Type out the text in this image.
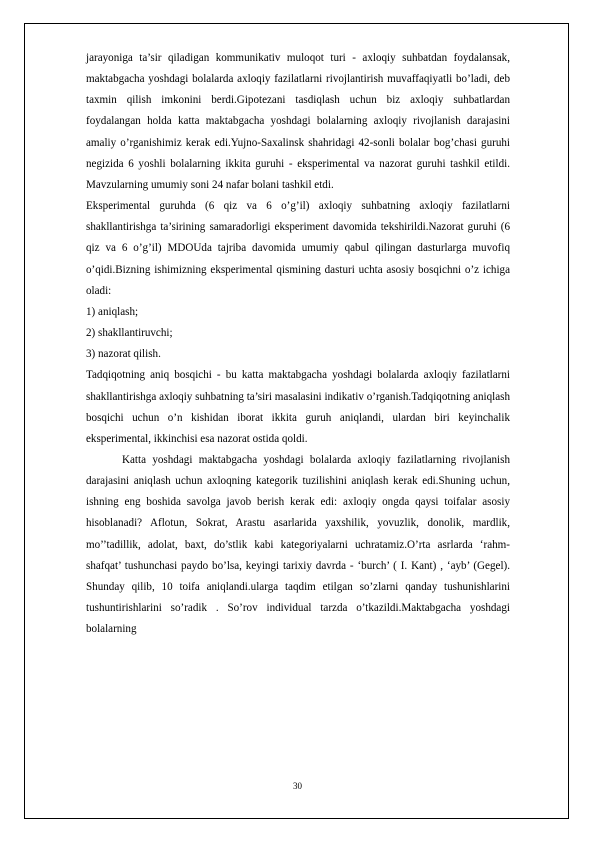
jarayoniga ta’sir qiladigan kommunikativ muloqot turi - axloqiy suhbatdan foydalansak, maktabgacha yoshdagi bolalarda axloqiy fazilatlarni rivojlantirish muvaffaqiyatli bo’ladi, deb taxmin qilish imkonini berdi.Gipotezani tasdiqlash uchun biz axloqiy suhbatlardan foydalangan holda katta maktabgacha yoshdagi bolalarning axloqiy rivojlanish darajasini amaliy o’rganishimiz kerak edi.Yujno-Saxalinsk shahridagi 42-sonli bolalar bog’chasi guruhi negizida 6 yoshli bolalarning ikkita guruhi - eksperimental va nazorat guruhi tashkil etildi. Mavzularning umumiy soni 24 nafar bolani tashkil etdi.

Eksperimental guruhda (6 qiz va 6 o’g’il) axloqiy suhbatning axloqiy fazilatlarni shakllantirishga ta’sirining samaradorligi eksperiment davomida tekshirildi.Nazorat guruhi (6 qiz va 6 o’g’il) MDOUda tajriba davomida umumiy qabul qilingan dasturlarga muvofiq o’qidi.Bizning ishimizning eksperimental qismining dasturi uchta asosiy bosqichni o’z ichiga oladi:

1) aniqlash;

2) shakllantiruvchi;

3) nazorat qilish.

Tadqiqotning aniq bosqichi - bu katta maktabgacha yoshdagi bolalarda axloqiy fazilatlarni shakllantirishga axloqiy suhbatning ta’siri masalasini indikativ o’rganish.Tadqiqotning aniqlash bosqichi uchun o’n kishidan iborat ikkita guruh aniqlandi, ulardan biri keyinchalik eksperimental, ikkinchisi esa nazorat ostida qoldi.

Katta yoshdagi maktabgacha yoshdagi bolalarda axloqiy fazilatlarning rivojlanish darajasini aniqlash uchun axloqning kategorik tuzilishini aniqlash kerak edi.Shuning uchun, ishning eng boshida savolga javob berish kerak edi: axloqiy ongda qaysi toifalar asosiy hisoblanadi? Aflotun, Sokrat, Arastu asarlarida yaxshilik, yovuzlik, donolik, mardlik, mo’’tadillik, adolat, baxt, do’stlik kabi kategoriyalarni uchratamiz.O’rta asrlarda ‘rahm-shafqat’ tushunchasi paydo bo’lsa, keyingi tarixiy davrda - ‘burch’ ( I. Kant) , ‘ayb’ (Gegel). Shunday qilib, 10 toifa aniqlandi.ularga taqdim etilgan so’zlarni qanday tushunishlarini tushuntirishlarini so’radik . So’rov individual tarzda o’tkazildi.Maktabgacha yoshdagi bolalarning

30
